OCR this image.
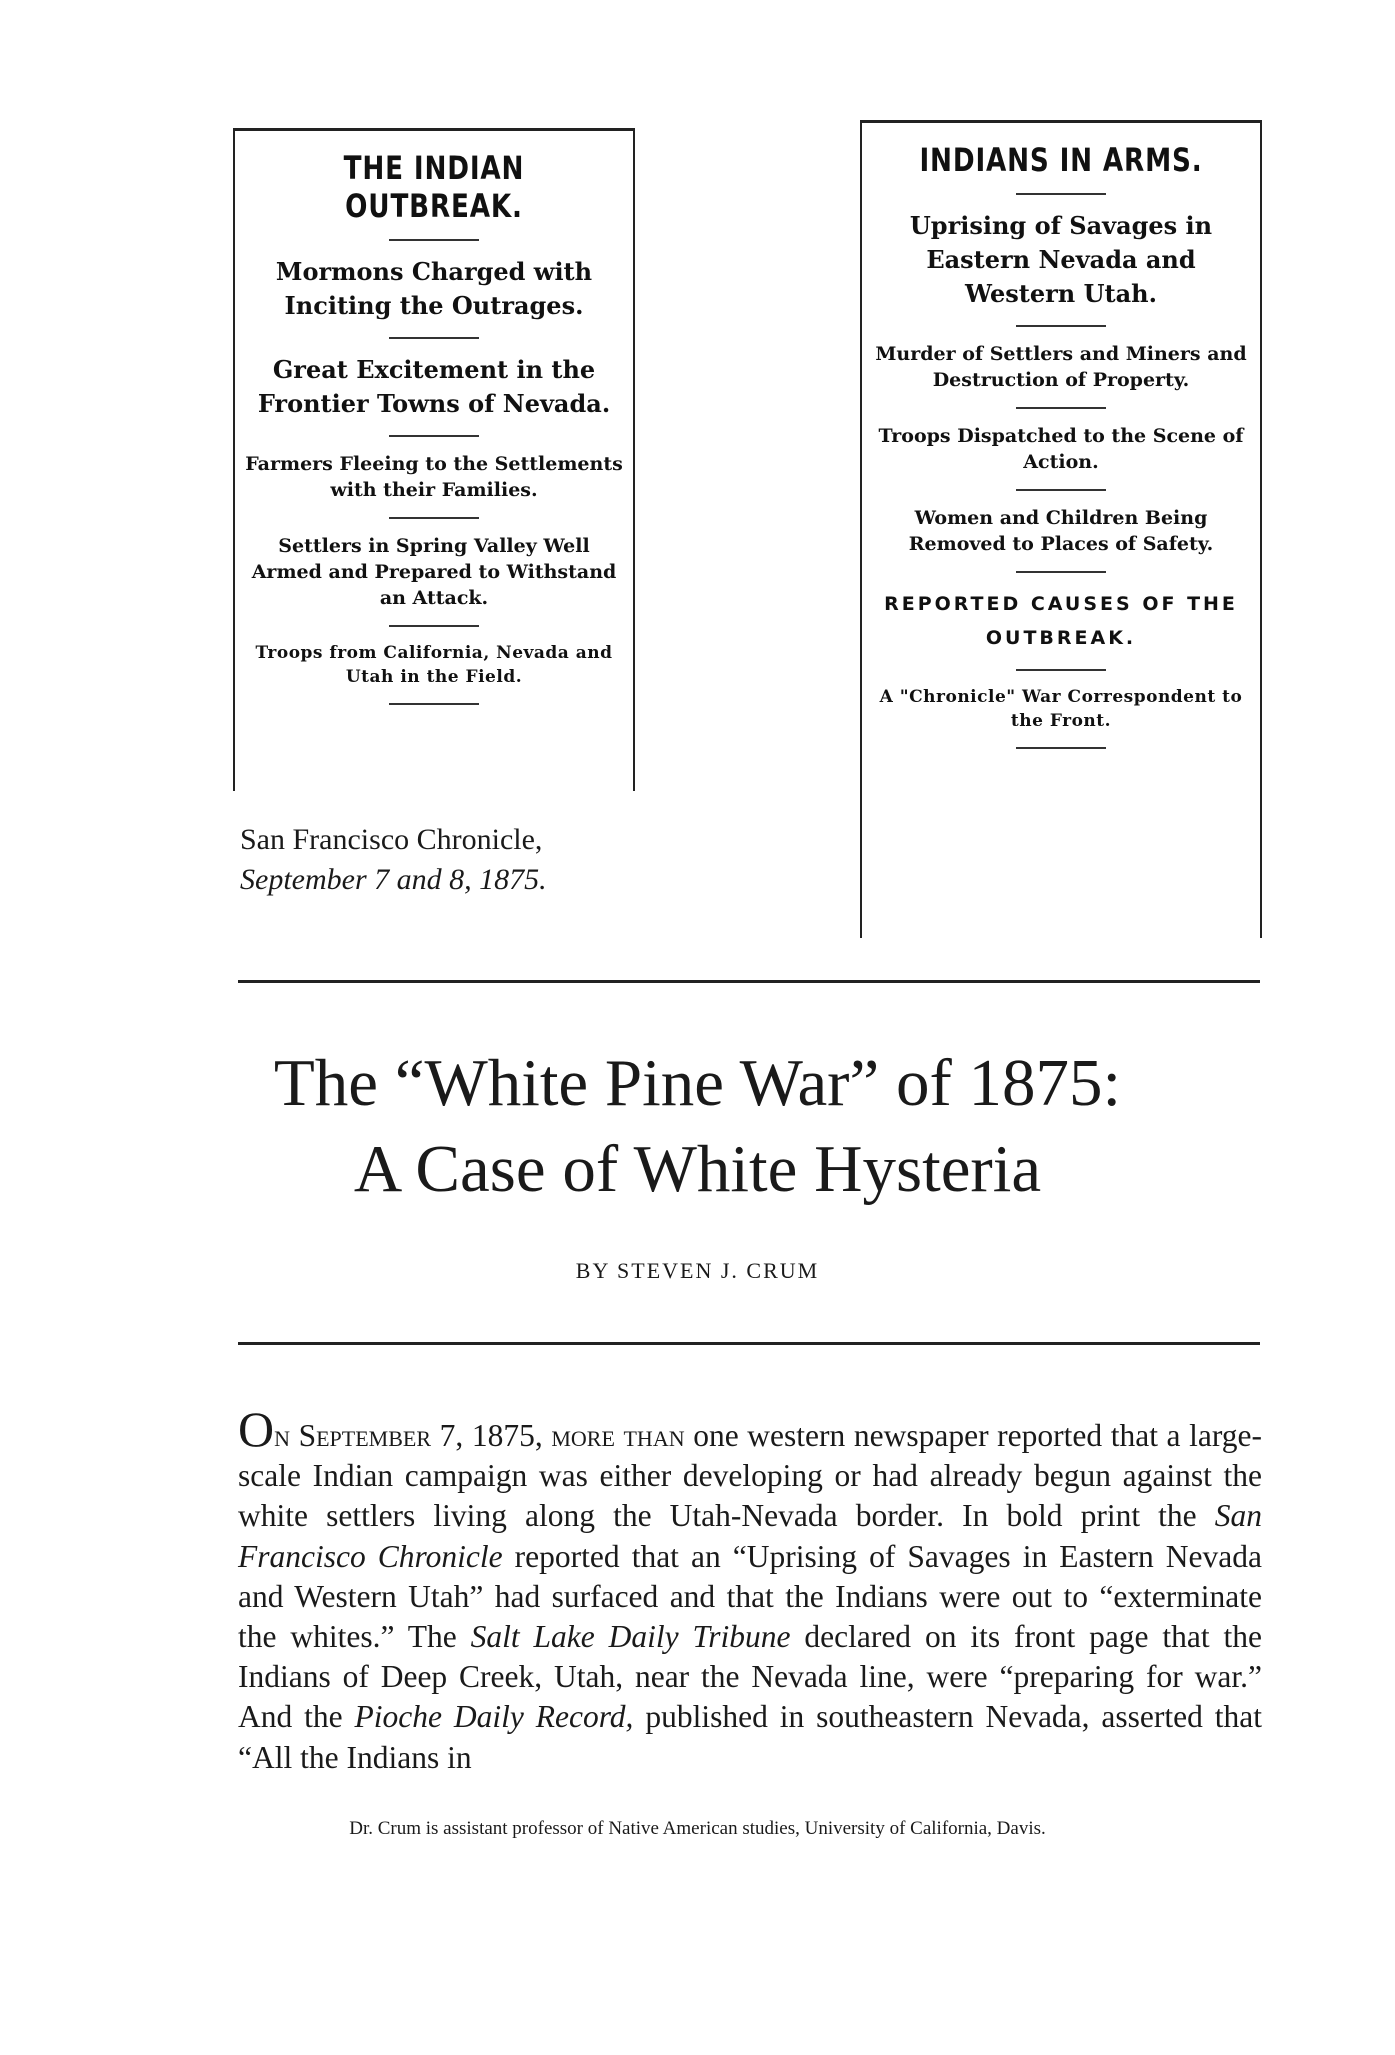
THE INDIAN OUTBREAK.
Mormons Charged with Inciting the Outrages.
Great Excitement in the Frontier Towns of Nevada.
Farmers Fleeing to the Settlements with their Families.
Settlers in Spring Valley Well Armed and Prepared to Withstand an Attack.
Troops from California, Nevada and Utah in the Field.
San Francisco Chronicle,
September 7 and 8, 1875.
INDIANS IN ARMS.
Uprising of Savages in Eastern Nevada and Western Utah.
Murder of Settlers and Miners and Destruction of Property.
Troops Dispatched to the Scene of Action.
Women and Children Being Removed to Places of Safety.
REPORTED CAUSES OF THE OUTBREAK.
A "Chronicle" War Correspondent to the Front.
The “White Pine War” of 1875:
A Case of White Hysteria
BY STEVEN J. CRUM
On September 7, 1875, more than one western newspaper reported that a large-scale Indian campaign was either developing or had already begun against the white settlers living along the Utah-Nevada border. In bold print the San Francisco Chronicle reported that an “Uprising of Savages in Eastern Nevada and Western Utah” had surfaced and that the Indians were out to “exterminate the whites.” The Salt Lake Daily Tribune declared on its front page that the Indians of Deep Creek, Utah, near the Nevada line, were “preparing for war.” And the Pioche Daily Record, published in southeastern Nevada, asserted that “All the Indians in
Dr. Crum is assistant professor of Native American studies, University of California, Davis.
